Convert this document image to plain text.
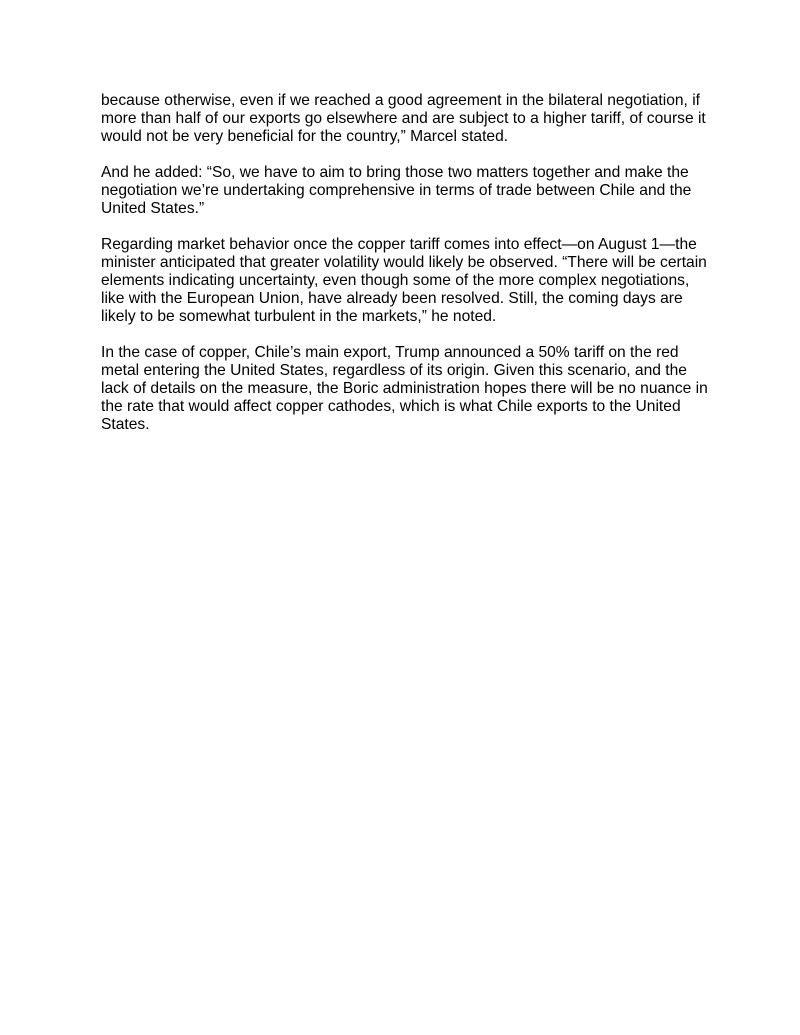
because otherwise, even if we reached a good agreement in the bilateral negotiation, if
more than half of our exports go elsewhere and are subject to a higher tariff, of course it
would not be very beneficial for the country,” Marcel stated.

And he added: “So, we have to aim to bring those two matters together and make the
negotiation we’re undertaking comprehensive in terms of trade between Chile and the
United States.”

Regarding market behavior once the copper tariff comes into effect—on August 1—the
minister anticipated that greater volatility would likely be observed. “There will be certain
elements indicating uncertainty, even though some of the more complex negotiations,
like with the European Union, have already been resolved. Still, the coming days are
likely to be somewhat turbulent in the markets,” he noted.

In the case of copper, Chile’s main export, Trump announced a 50% tariff on the red
metal entering the United States, regardless of its origin. Given this scenario, and the
lack of details on the measure, the Boric administration hopes there will be no nuance in
the rate that would affect copper cathodes, which is what Chile exports to the United
States.
